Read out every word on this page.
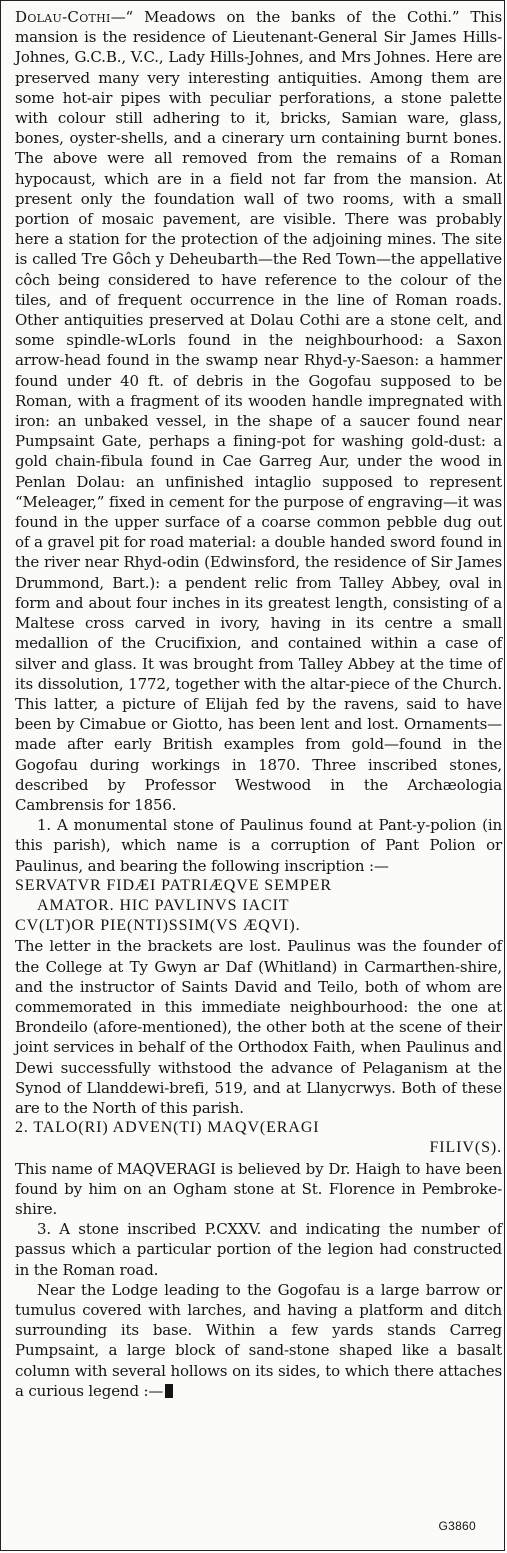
Dolau-Cothi—“ Meadows on the banks of the Cothi.” This mansion is the residence of Lieutenant-General Sir James Hills-Johnes, G.C.B., V.C., Lady Hills-Johnes, and Mrs Johnes. Here are preserved many very interesting antiquities. Among them are some hot-air pipes with peculiar perforations, a stone palette with colour still adhering to it, bricks, Samian ware, glass, bones, oyster-shells, and a cinerary urn containing burnt bones. The above were all removed from the remains of a Roman hypocaust, which are in a field not far from the mansion. At present only the foundation wall of two rooms, with a small portion of mosaic pavement, are visible. There was probably here a station for the protection of the adjoining mines. The site is called Tre Gôch y Deheubarth—the Red Town—the appellative côch being considered to have reference to the colour of the tiles, and of frequent occurrence in the line of Roman roads. Other antiquities preserved at Dolau Cothi are a stone celt, and some spindle-wLorls found in the neighbourhood: a Saxon arrow-head found in the swamp near Rhyd-y-Saeson: a hammer found under 40 ft. of debris in the Gogofau supposed to be Roman, with a fragment of its wooden handle impregnated with iron: an unbaked vessel, in the shape of a saucer found near Pumpsaint Gate, perhaps a fining-pot for washing gold-dust: a gold chain-fibula found in Cae Garreg Aur, under the wood in Penlan Dolau: an unfinished intaglio supposed to represent “Meleager,” fixed in cement for the purpose of engraving—it was found in the upper surface of a coarse common pebble dug out of a gravel pit for road material: a double handed sword found in the river near Rhyd-odin (Edwinsford, the residence of Sir James Drummond, Bart.): a pendent relic from Talley Abbey, oval in form and about four inches in its greatest length, consisting of a Maltese cross carved in ivory, having in its centre a small medallion of the Crucifixion, and contained within a case of silver and glass. It was brought from Talley Abbey at the time of its dissolution, 1772, together with the altar-piece of the Church. This latter, a picture of Elijah fed by the ravens, said to have been by Cimabue or Giotto, has been lent and lost. Ornaments—made after early British examples from gold—found in the Gogofau during workings in 1870. Three inscribed stones, described by Professor Westwood in the Archæologia Cambrensis for 1856.

1. A monumental stone of Paulinus found at Pant-y-polion (in this parish), which name is a corruption of Pant Polion or Paulinus, and bearing the following inscription :—

SERVATVR FIDÆI PATRIÆQVE SEMPER

AMATOR. HIC PAVLINVS IACIT

CV(LT)OR PIE(NTI)SSIM(VS ÆQVI).

The letter in the brackets are lost. Paulinus was the founder of the College at Ty Gwyn ar Daf (Whitland) in Carmarthen-shire, and the instructor of Saints David and Teilo, both of whom are commemorated in this immediate neighbourhood: the one at Brondeilo (afore-mentioned), the other both at the scene of their joint services in behalf of the Orthodox Faith, when Paulinus and Dewi successfully withstood the advance of Pelaganism at the Synod of Llanddewi-brefi, 519, and at Llanycrwys. Both of these are to the North of this parish.

2. TALO(RI) ADVEN(TI) MAQV(ERAGI

FILIV(S).

This name of MAQVERAGI is believed by Dr. Haigh to have been found by him on an Ogham stone at St. Florence in Pembroke-shire.

3. A stone inscribed P.CXXV. and indicating the number of passus which a particular portion of the legion had constructed in the Roman road.

Near the Lodge leading to the Gogofau is a large barrow or tumulus covered with larches, and having a platform and ditch surrounding its base. Within a few yards stands Carreg Pumpsaint, a large block of sand-stone shaped like a basalt column with several hollows on its sides, to which there attaches a curious legend :—

G3860
